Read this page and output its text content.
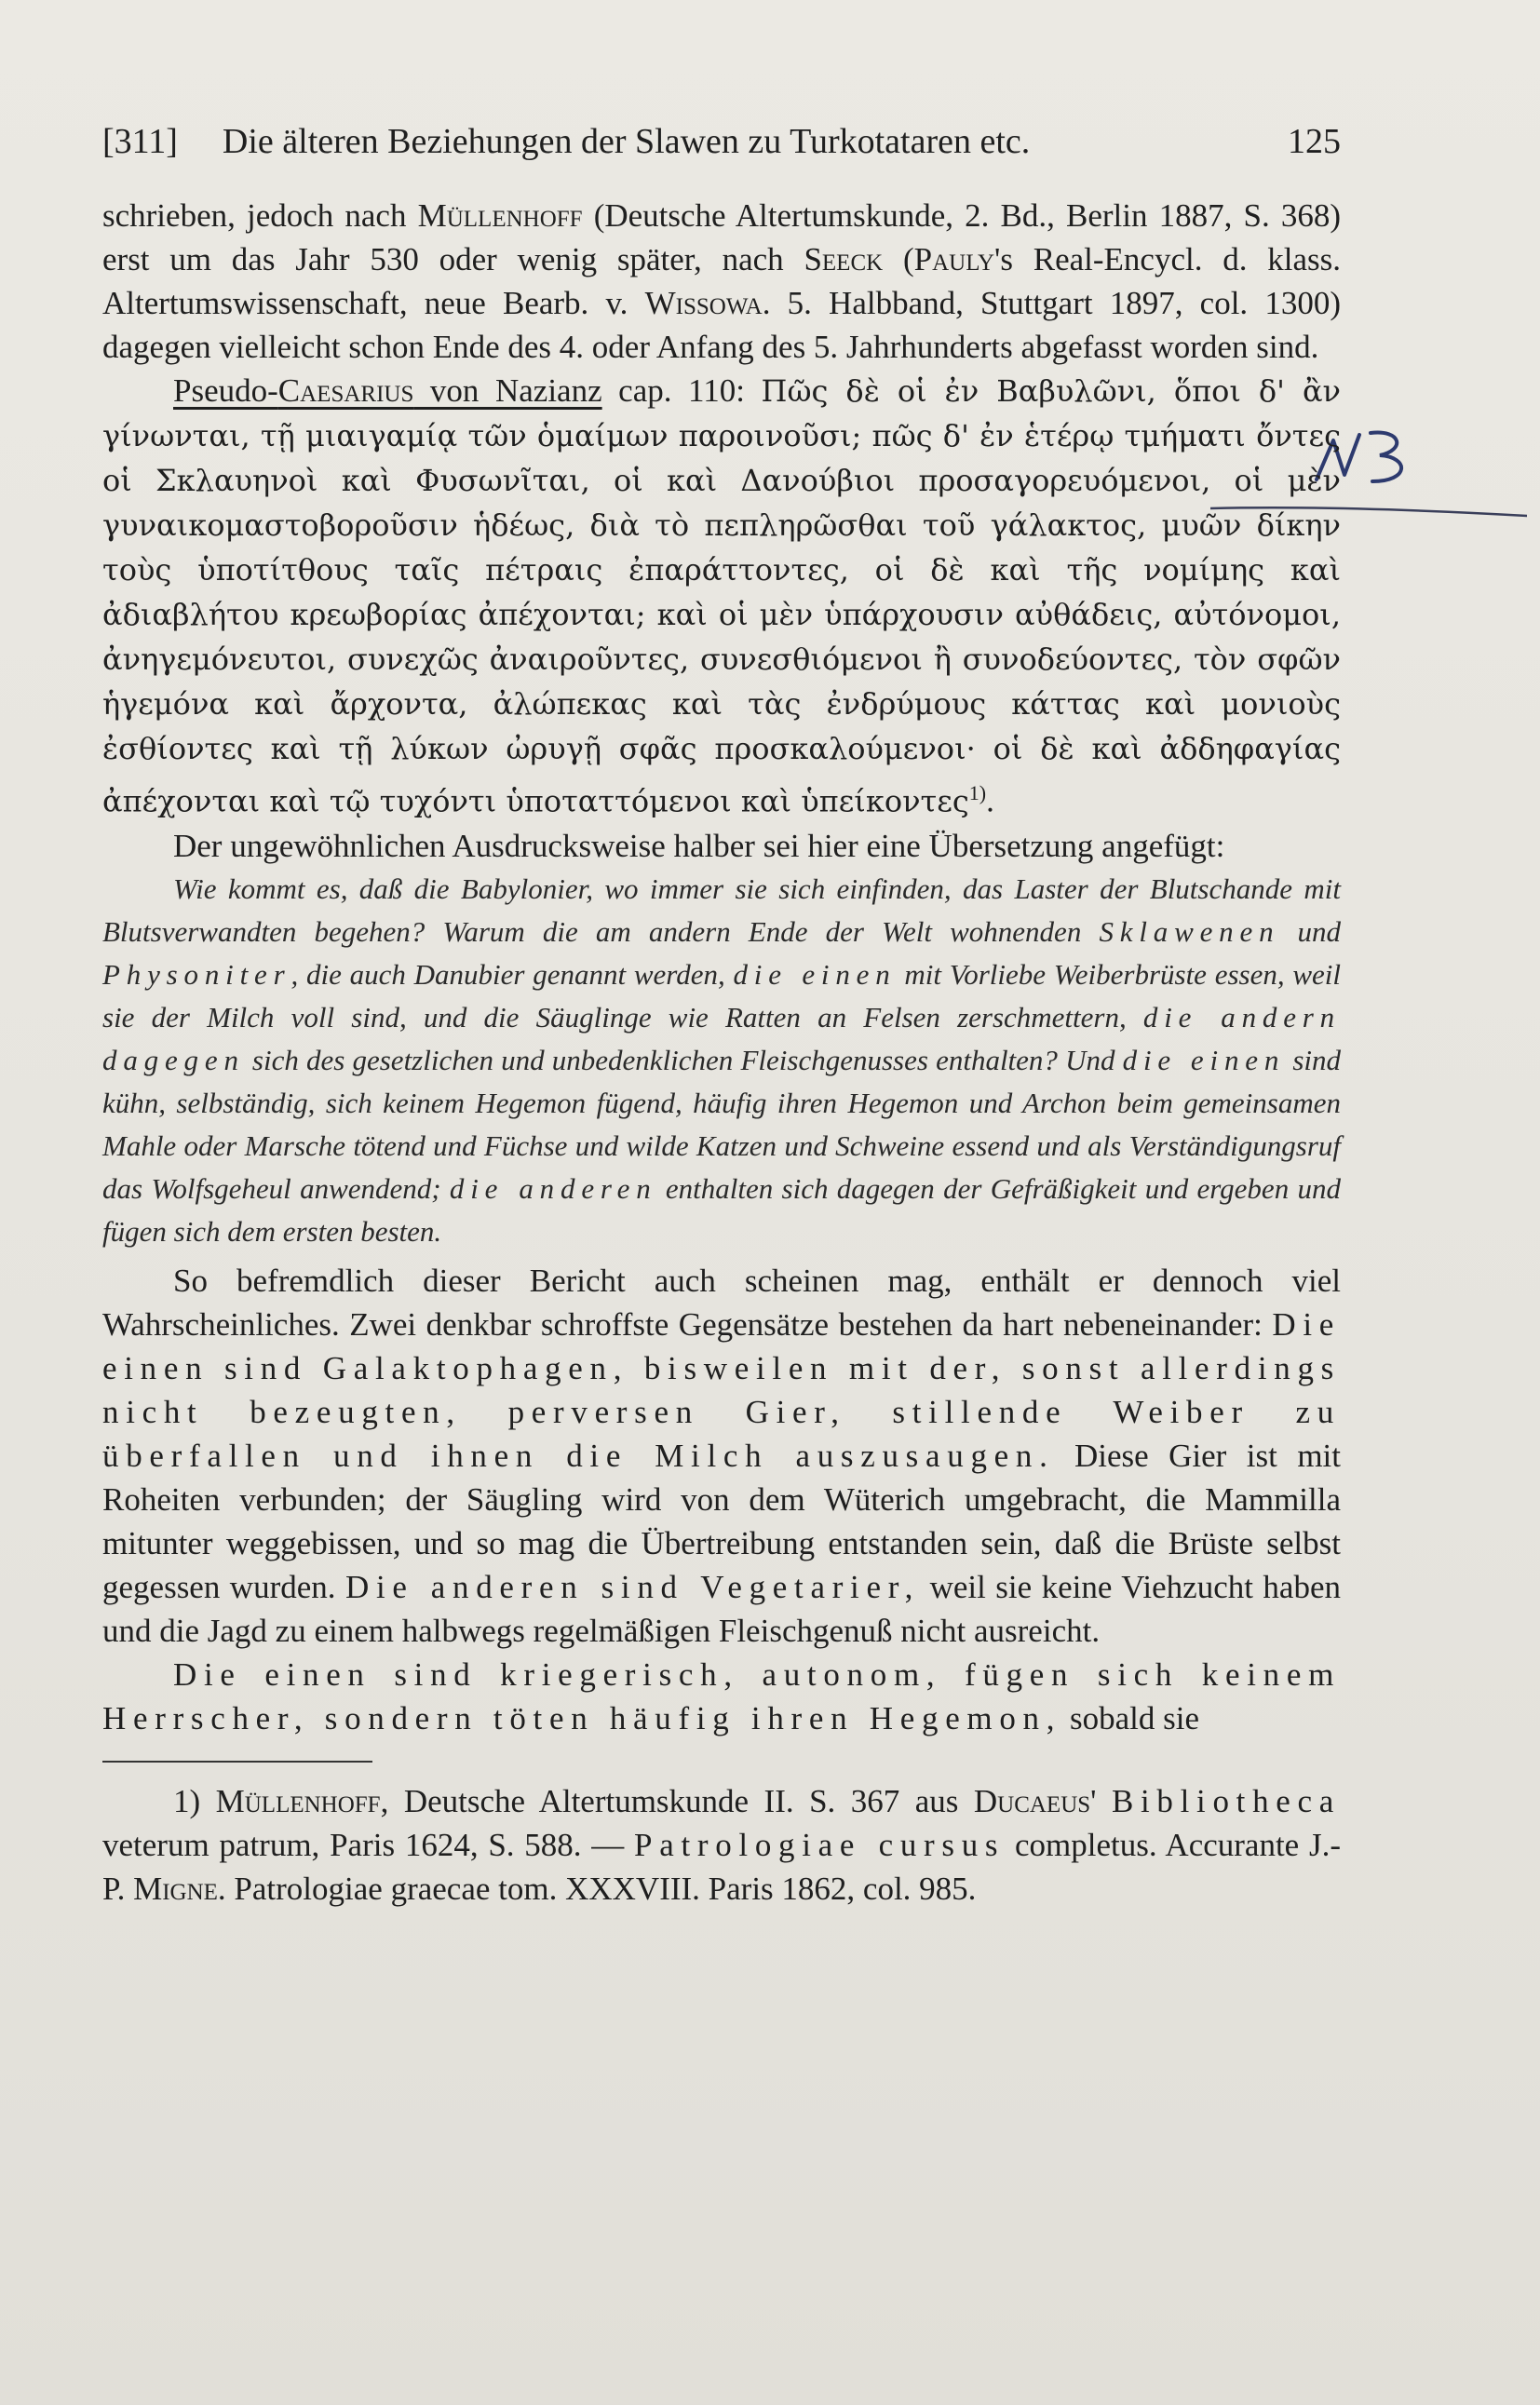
[311] Die älteren Beziehungen der Slawen zu Turkotataren etc.	125

schrieben, jedoch nach Müllenhoff (Deutsche Altertumskunde, 2. Bd., Berlin 1887, S. 368) erst um das Jahr 530 oder wenig später, nach Seeck (Pauly's Real-Encycl. d. klass. Altertumswissenschaft, neue Bearb. v. Wissowa. 5. Halbband, Stuttgart 1897, col. 1300) dagegen vielleicht schon Ende des 4. oder Anfang des 5. Jahrhunderts abgefasst worden sind.

Pseudo-Caesarius von Nazianz cap. 110: Πῶς δὲ οἱ ἐν Βαβυλῶνι, ὅποι δ' ἂν γίνωνται, τῇ μιαιγαμίᾳ τῶν ὁμαίμων παροινοῦσι; πῶς δ' ἐν ἑτέρῳ τμήματι ὄντες οἱ Σκλαυηνοὶ καὶ Φυσωνῖται, οἱ καὶ Δανούβιοι προσαγορευόμενοι, οἱ μὲν γυναικομαστοβοροῦσιν ἡδέως, διὰ τὸ πεπληρῶσθαι τοῦ γάλακτος, μυῶν δίκην τοὺς ὑποτίτθους ταῖς πέτραις ἐπαράττοντες, οἱ δὲ καὶ τῆς νομίμης καὶ ἀδιαβλήτου κρεωβορίας ἀπέχονται; καὶ οἱ μὲν ὑπάρχουσιν αὐθάδεις, αὐτόνομοι, ἀνηγεμόνευτοι, συνεχῶς ἀναιροῦντες, συνεσθιόμενοι ἢ συνοδεύοντες, τὸν σφῶν ἡγεμόνα καὶ ἄρχοντα, ἀλώπεκας καὶ τὰς ἐνδρύμους κάττας καὶ μονιοὺς ἐσθίοντες καὶ τῇ λύκων ὠρυγῇ σφᾶς προσκαλούμενοι· οἱ δὲ καὶ ἀδδηφαγίας ἀπέχονται καὶ τῷ τυχόντι ὑποταττόμενοι καὶ ὑπείκοντες$^{1)}$.

Der ungewöhnlichen Ausdrucksweise halber sei hier eine Übersetzung angefügt:

Wie kommt es, daß die Babylonier, wo immer sie sich einfinden, das Laster der Blutschande mit Blutsverwandten begehen? Warum die am andern Ende der Welt wohnenden Sklawenen und Physoniter, die auch Danubier genannt werden, die einen mit Vorliebe Weiberbrüste essen, weil sie der Milch voll sind, und die Säuglinge wie Ratten an Felsen zerschmettern, die andern dagegen sich des gesetzlichen und unbedenklichen Fleischgenusses enthalten? Und die einen sind kühn, selbständig, sich keinem Hegemon fügend, häufig ihren Hegemon und Archon beim gemeinsamen Mahle oder Marsche tötend und Füchse und wilde Katzen und Schweine essend und als Verständigungsruf das Wolfsgeheul anwendend; die anderen enthalten sich dagegen der Gefräßigkeit und ergeben und fügen sich dem ersten besten.

So befremdlich dieser Bericht auch scheinen mag, enthält er dennoch viel Wahrscheinliches. Zwei denkbar schroffste Gegensätze bestehen da hart nebeneinander: Die einen sind Galaktophagen, bisweilen mit der, sonst allerdings nicht bezeugten, perversen Gier, stillende Weiber zu überfallen und ihnen die Milch auszusaugen. Diese Gier ist mit Roheiten verbunden; der Säugling wird von dem Wüterich umgebracht, die Mammilla mitunter weggebissen, und so mag die Übertreibung entstanden sein, daß die Brüste selbst gegessen wurden. Die anderen sind Vegetarier, weil sie keine Viehzucht haben und die Jagd zu einem halbwegs regelmäßigen Fleischgenuß nicht ausreicht.

Die einen sind kriegerisch, autonom, fügen sich keinem Herrscher, sondern töten häufig ihren Hegemon, sobald sie

1) Müllenhoff, Deutsche Altertumskunde II. S. 367 aus Ducaeus' Bibliotheca veterum patrum, Paris 1624, S. 588. — Patrologiae cursus completus. Accurante J.-P. Migne. Patrologiae graecae tom. XXXVIII. Paris 1862, col. 985.
